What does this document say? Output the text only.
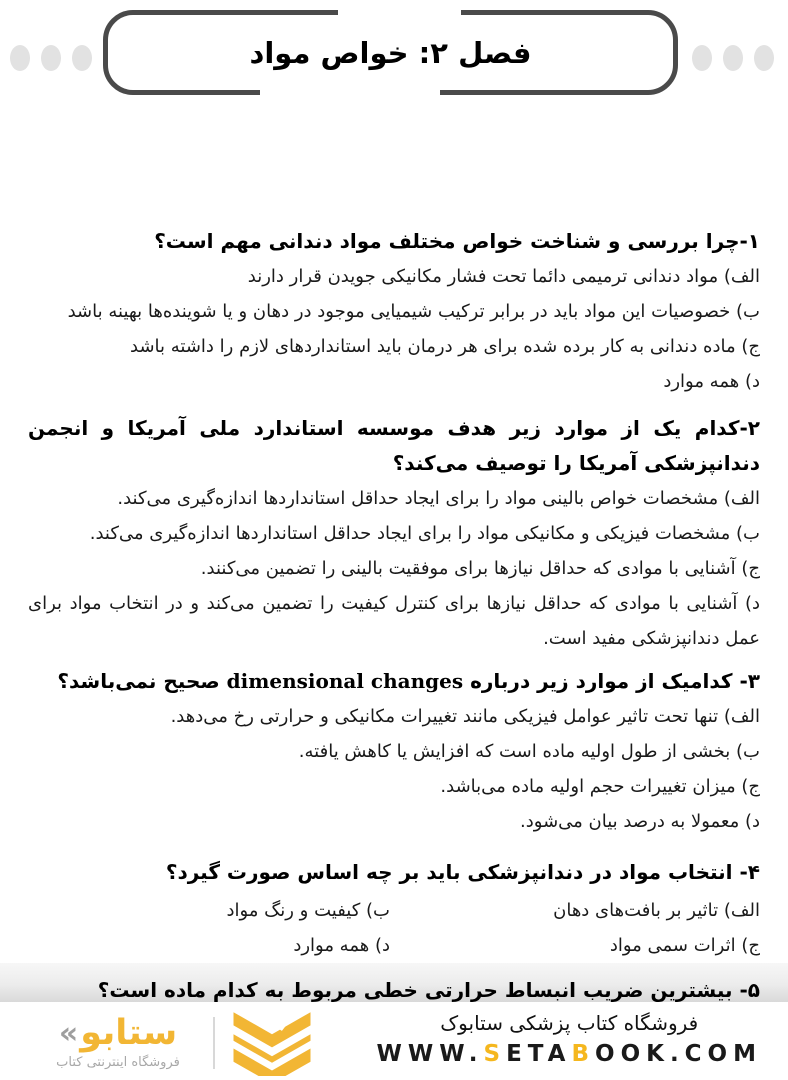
فصل ۲: خواص مواد

۱-چرا بررسی و شناخت خواص مختلف مواد دندانی مهم است؟

الف) مواد دندانی ترمیمی دائما تحت فشار مکانیکی جویدن قرار دارند

ب) خصوصیات این مواد باید در برابر ترکیب شیمیایی موجود در دهان و یا شوینده‌ها بهینه باشد

ج) ماده دندانی به کار برده شده برای هر درمان باید استانداردهای لازم را داشته باشد

د) همه موارد

۲-کدام یک از موارد زیر هدف موسسه استاندارد ملی آمریکا و انجمن دندانپزشکی آمریکا را توصیف می‌کند؟

الف) مشخصات خواص بالینی مواد را برای ایجاد حداقل استانداردها اندازه‌گیری می‌کند.

ب) مشخصات فیزیکی و مکانیکی مواد را برای ایجاد حداقل استانداردها اندازه‌گیری می‌کند.

ج) آشنایی با موادی که حداقل نیازها برای موفقیت بالینی را تضمین می‌کنند.

د) آشنایی با موادی که حداقل نیازها برای کنترل کیفیت را تضمین می‌کند و در انتخاب مواد برای عمل دندانپزشکی مفید است.

۳- کدامیک از موارد زیر درباره dimensional changes صحیح نمی‌باشد؟

الف) تنها تحت تاثیر عوامل فیزیکی مانند تغییرات مکانیکی و حرارتی رخ می‌دهد.

ب) بخشی از طول اولیه ماده است که افزایش یا کاهش یافته.

ج) میزان تغییرات حجم اولیه ماده می‌باشد.

د) معمولا به درصد بیان می‌شود.

۴- انتخاب مواد در دندانپزشکی باید بر چه اساس صورت گیرد؟

الف) تاثیر بر بافت‌های دهان

ب) کیفیت و رنگ مواد

ج) اثرات سمی مواد

د) همه موارد

۵- بیشترین ضریب انبساط حرارتی خطی مربوط به کدام ماده است؟

« ستابو
فروشگاه اینترنتی کتاب
فروشگاه کتاب پزشکی ستابوک
WWW.SETABOOK.COM
